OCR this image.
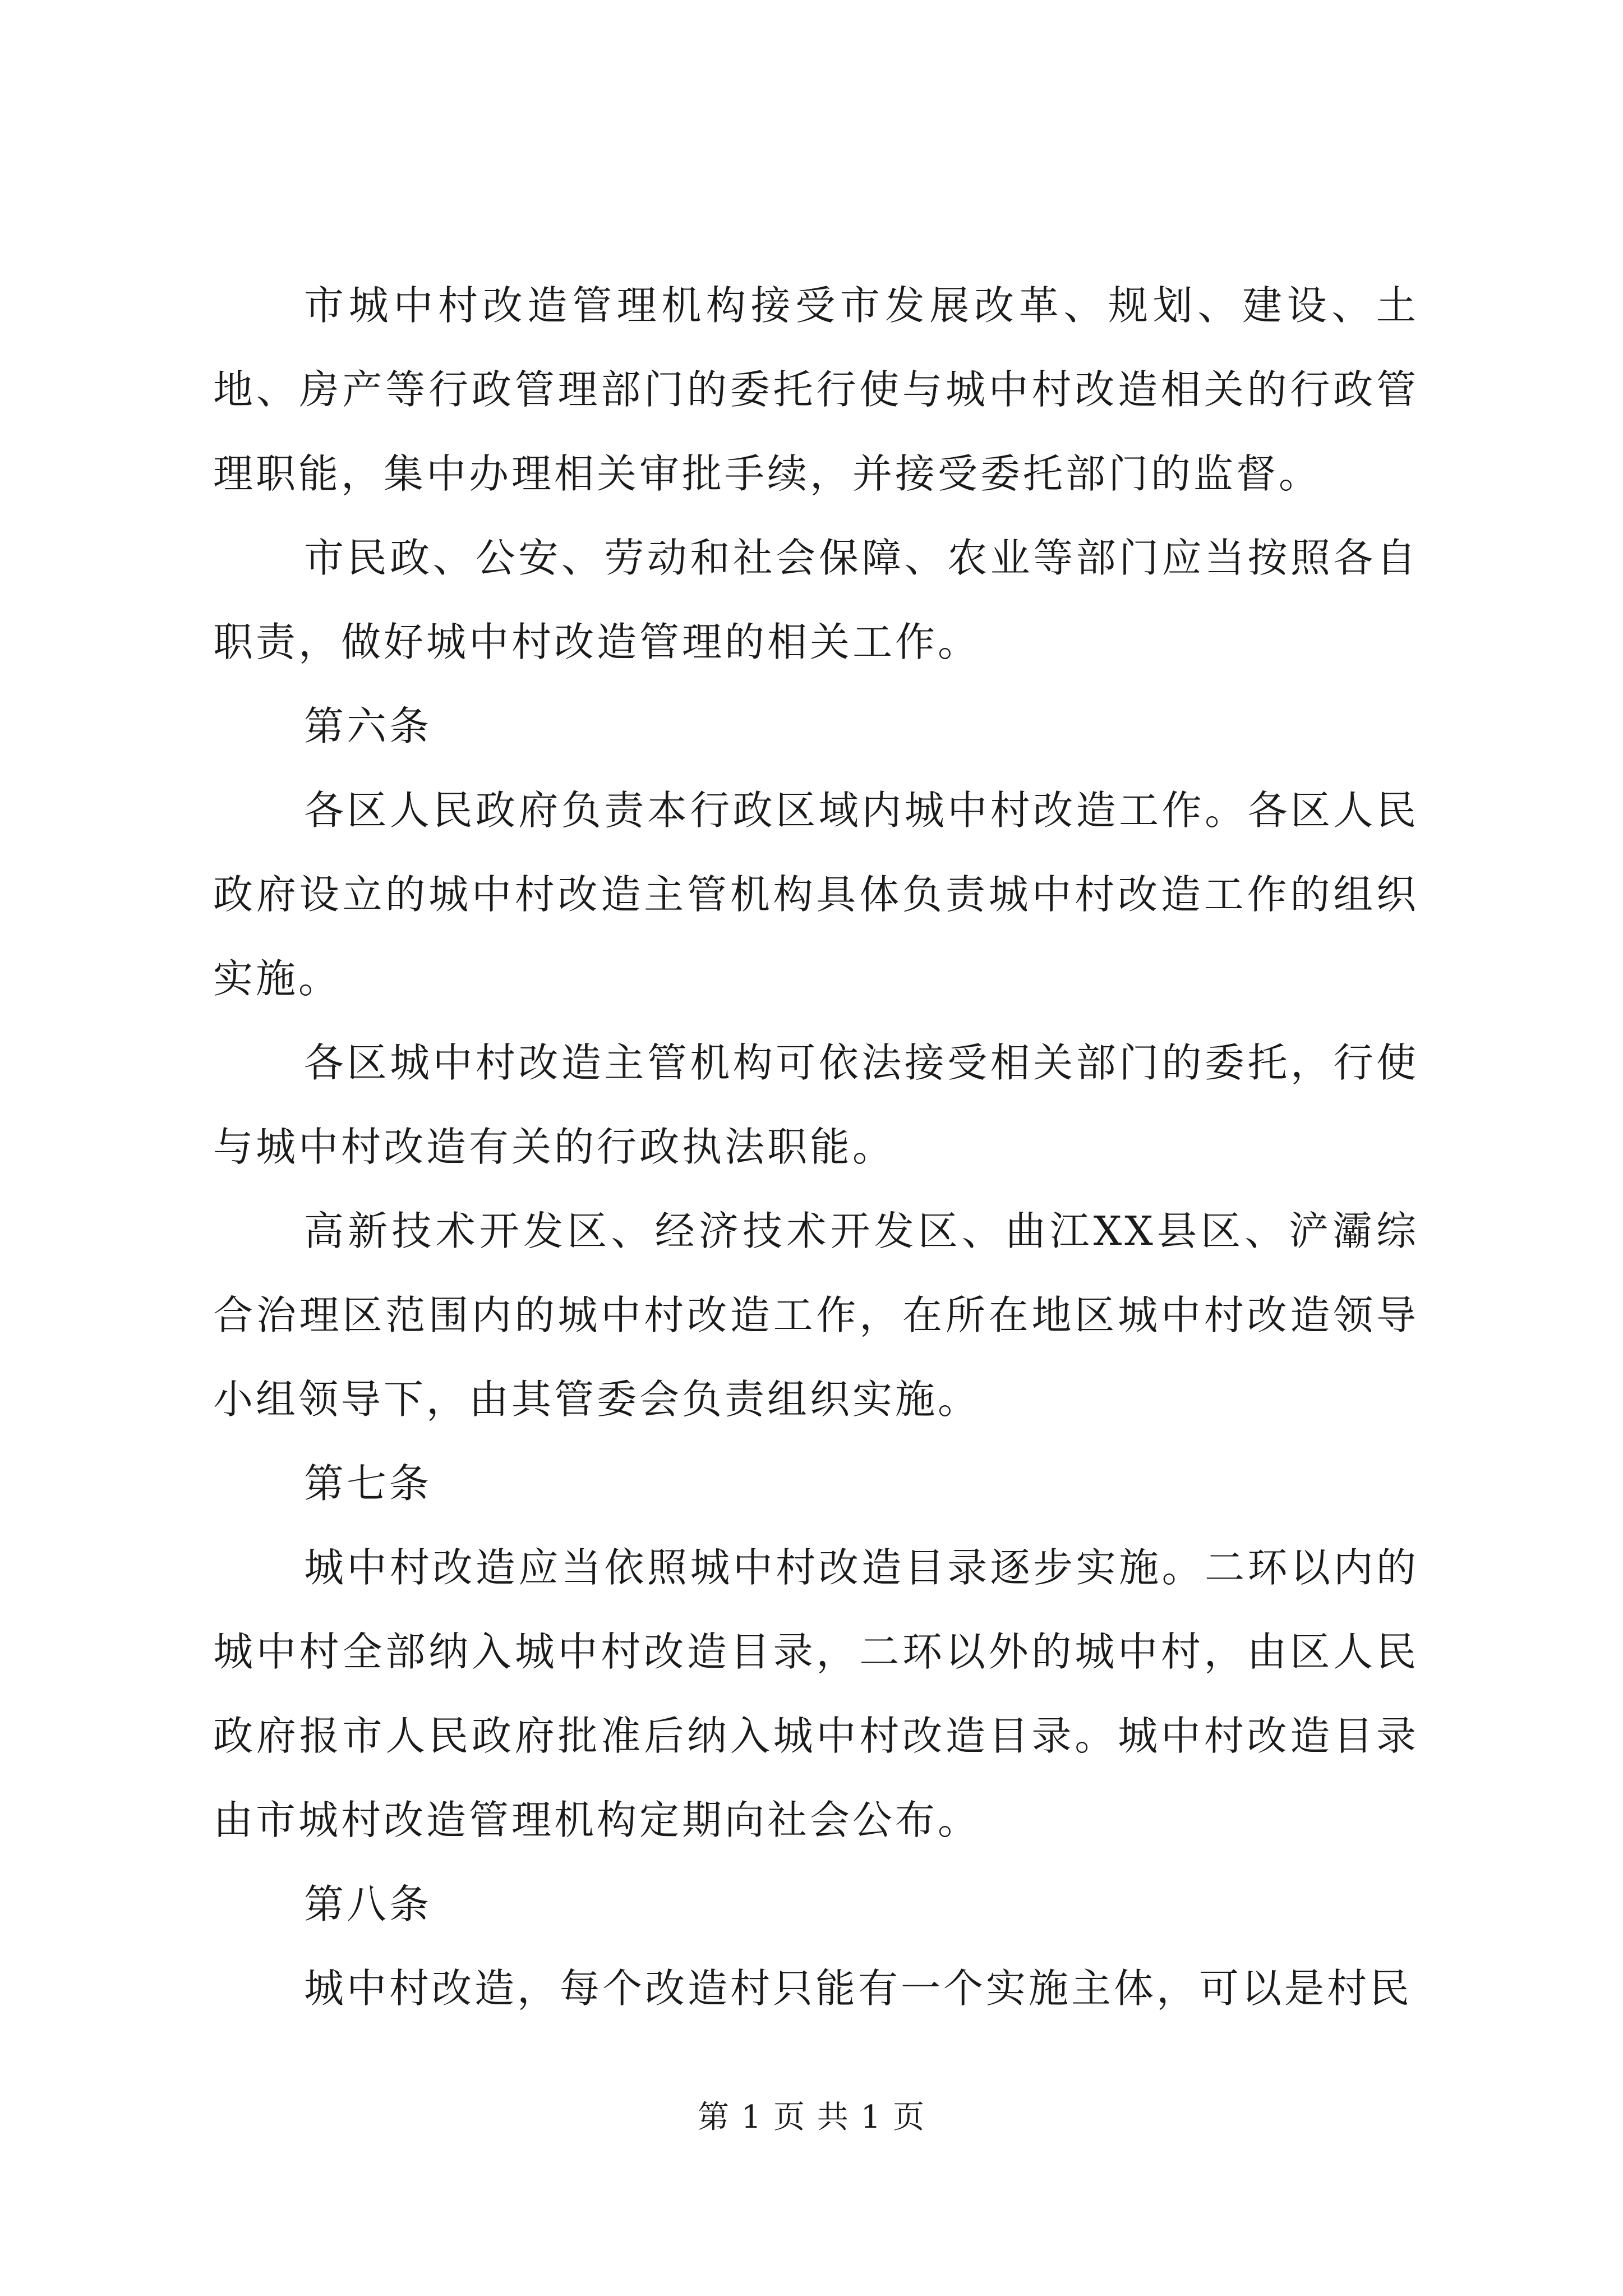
市城中村改造管理机构接受市发展改革、规划、建设、土地、房产等行政管理部门的委托行使与城中村改造相关的行政管理职能，集中办理相关审批手续，并接受委托部门的监督。

市民政、公安、劳动和社会保障、农业等部门应当按照各自职责，做好城中村改造管理的相关工作。

第六条

各区人民政府负责本行政区域内城中村改造工作。各区人民政府设立的城中村改造主管机构具体负责城中村改造工作的组织实施。

各区城中村改造主管机构可依法接受相关部门的委托，行使与城中村改造有关的行政执法职能。

高新技术开发区、经济技术开发区、曲江XX县区、浐灞综合治理区范围内的城中村改造工作，在所在地区城中村改造领导小组领导下，由其管委会负责组织实施。

第七条

城中村改造应当依照城中村改造目录逐步实施。二环以内的城中村全部纳入城中村改造目录，二环以外的城中村，由区人民政府报市人民政府批准后纳入城中村改造目录。城中村改造目录由市城村改造管理机构定期向社会公布。

第八条

城中村改造，每个改造村只能有一个实施主体，可以是村民

第 1 页 共 1 页
